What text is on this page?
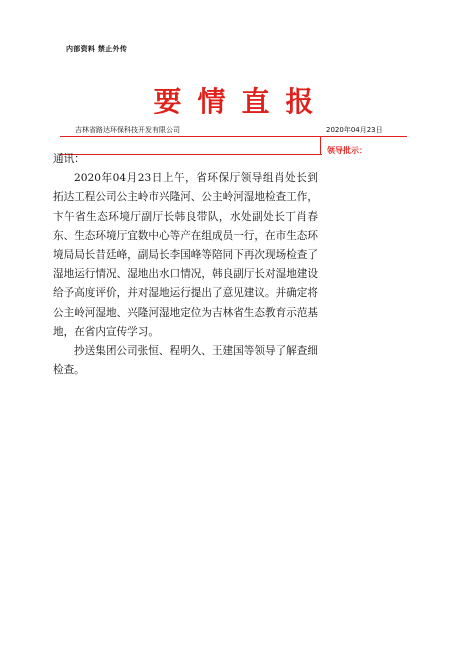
内部资料 禁止外传
要情直报
吉林省路达环保科技开发有限公司	2020年04月23日
领导批示：

通讯：

2020年04月23日上午，省环保厅领导组肖处长到拓达工程公司公主岭市兴隆河、公主岭河湿地检查工作，卞午省生态环境厅副厅长韩良带队，水处副处长丁肖春东、生态环境厅宜数中心等产在组成员一行，在市生态环境局局长昔廷峰，副局长李国峰等陪同下再次现场检查了湿地运行情况、湿地出水口情况，韩良副厅长对湿地建设给予高度评价，并对湿地运行提出了意见建议。并确定将公主岭河湿地、兴隆河湿地定位为吉林省生态教育示范基地，在省内宣传学习。

抄送集团公司张恒、程明久、王建国等领导了解查细检查。
